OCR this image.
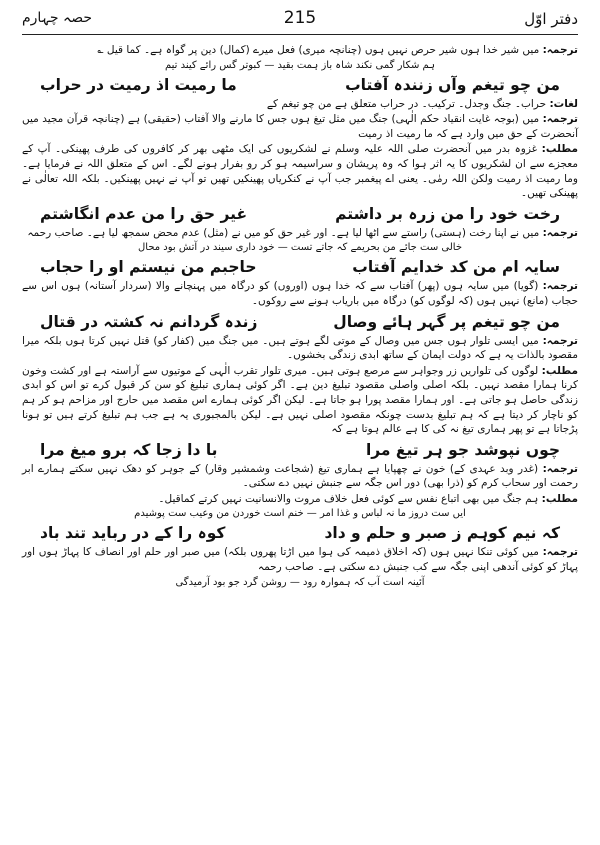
دفتر اوّل
215
حصہ چہارم

ترجمہ: میں شیر خدا ہوں شیر حرص نہیں ہوں (چنانچہ میری) فعل میرے (کمال) دین پر گواہ ہے۔ کما قیل ؎

ہم شکار گمی نکند شاہ باز ہمت بقید — کبوتر گس رائے کیند تیم
من چو تیغم وآں زنندہ آفتاب
ما رمیت اذ رمیت در حراب

لغات: حراب۔ جنگ وجدل۔ ترکیب۔ در حراب متعلق ہے من چو تیغم کے

ترجمہ: میں (بوجہ غایت انقیاد حکم الٰہی) جنگ میں مثل تیغ ہوں جس کا مارنے والا آفتاب (حقیقی) ہے (چنانچہ قرآن مجید میں آنحضرت کے حق میں وارد ہے کہ ما رمیت اذ رمیت

مطلب: غزوہ بدر میں آنحضرت صلی اللہ علیہ وسلم نے لشکریوں کی ایک مٹھی بھر کر کافروں کی طرف پھینکی۔ آپ کے معجزے سے ان لشکریوں کا یہ اثر ہوا کہ وہ پریشان و سراسیمہ ہو کر رو بفرار ہونے لگے۔ اس کے متعلق اللہ نے فرمایا ہے۔ وما رمیت اذ رمیت ولکن اللہ رمٰی۔ یعنی اے پیغمبر جب آپ نے کنکریاں پھینکیں تھیں تو آپ نے نہیں پھینکیں۔ بلکہ اللہ تعالٰی نے پھینکی تھیں۔

رخت خود را من زرہ بر داشتم
غیر حق را من عدم انگاشتم

ترجمہ: میں نے اپنا رخت (ہستی) راستے سے اٹھا لیا ہے۔ اور غیر حق کو میں نے (مثل) عدم محض سمجھ لیا ہے۔ صاحب رحمہ

خالی ست جائے من بحریمے کہ جاتے تست — خود داری سیند در آتش بود محال
سایہ ام من کد خدایم آفتاب
حاجبم من نیستم او را حجاب

ترجمہ: (گویا) میں سایہ ہوں (پھر) آفتاب سے کہ خدا ہوں (اوروں) کو درگاہ میں پہنچانے والا (سردار آستانہ) ہوں اس سے حجاب (مانع) نہیں ہوں (کہ لوگوں کو) درگاہ میں باریاب ہونے سے روکوں۔

من چو تیغم پر گہر ہائے وصال
زندہ گردانم نہ کشتہ در قتال

ترجمہ: میں ایسی تلوار ہوں جس میں وصال کے موتی لگے ہوتے ہیں۔ میں جنگ میں (کفار کو) قتل نہیں کرتا ہوں بلکہ میرا مقصود بالذات یہ ہے کہ دولت ایمان کے ساتھ ابدی زندگی بخشوں۔

مطلب: لوگوں کی تلواریں زر وجواہر سے مرصع ہوتی ہیں۔ میری تلوار تقرب الٰہی کے موتیوں سے آراستہ ہے اور کشت وخون کرنا ہمارا مقصد نہیں۔ بلکہ اصلی واصلی مقصود تبلیغ دین ہے۔ اگر کوئی ہماری تبلیغ کو سن کر قبول کرے تو اس کو ابدی زندگی حاصل ہو جاتی ہے۔ اور ہمارا مقصد پورا ہو جاتا ہے۔ لیکن اگر کوئی ہمارے اس مقصد میں حارج اور مزاحم ہو کر ہم کو ناچار کر دیتا ہے کہ ہم تبلیغ بدست چونکہ مقصود اصلی نہیں ہے۔ لیکن بالمجبوری یہ ہے جب ہم تبلیغ کرتے ہیں تو ہونا پڑجاتا ہے تو پھر ہماری تیغ نہ کی کا ہے عالم ہوتا ہے کہ

چوں نپوشد جو ہر تیغ مرا
با دا زجا کہ برو میغ مرا

ترجمہ: (غدر وبد عہدی کے) خون نے چھپایا ہے ہماری تیغ (شجاعت وشمشیر وقار) کے جوہر کو دھک نہیں سکتے ہمارے ابر رحمت اور سحاب کرم کو (ذرا بھی) دور اس جگہ سے جنبش نہیں دے سکتی۔

مطلب: ہم جنگ میں بھی اتباع نفس سے کوئی فعل خلاف مروت والانسانیت نہیں کرتے کماقیل۔

ایں ست دروز ما نہ لباس و غذا امر — خنم است خوردن من وعیب ست پوشیدم
کہ نیم کوہم ز صبر و حلم و داد
کوہ را کے در رباید تند باد

ترجمہ: میں کوئی تنکا نہیں ہوں (کہ اخلاق ذمیمہ کی ہوا میں اڑتا پھروں بلکہ) میں صبر اور حلم اور انصاف کا پہاڑ ہوں اور پہاڑ کو کوئی آندھی اپنی جگہ سے کب جنبش دے سکتی ہے۔ صاحب رحمہ

آئینہ است آب کہ ہموارہ رود — روشن گرد جو بود آرمیدگی
